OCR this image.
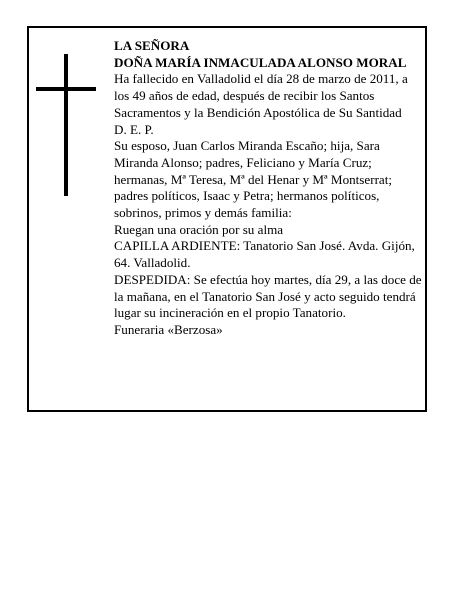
LA SEÑORA

DOÑA MARÍA INMACULADA ALONSO MORAL

Ha fallecido en Valladolid el día 28 de marzo de 2011, a los 49 años de edad, después de recibir los Santos Sacramentos y la Bendición Apostólica de Su Santidad

D. E. P.

Su esposo, Juan Carlos Miranda Escaño; hija, Sara Miranda Alonso; padres, Feliciano y María Cruz; hermanas, Mª Teresa, Mª del Henar y Mª Montserrat; padres políticos, Isaac y Petra; hermanos políticos, sobrinos, primos y demás familia:

Ruegan una oración por su alma

CAPILLA ARDIENTE: Tanatorio San José. Avda. Gijón, 64. Valladolid.

DESPEDIDA: Se efectúa hoy martes, día 29, a las doce de la mañana, en el Tanatorio San José y acto seguido tendrá lugar su incineración en el propio Tanatorio.

Funeraria «Berzosa»
